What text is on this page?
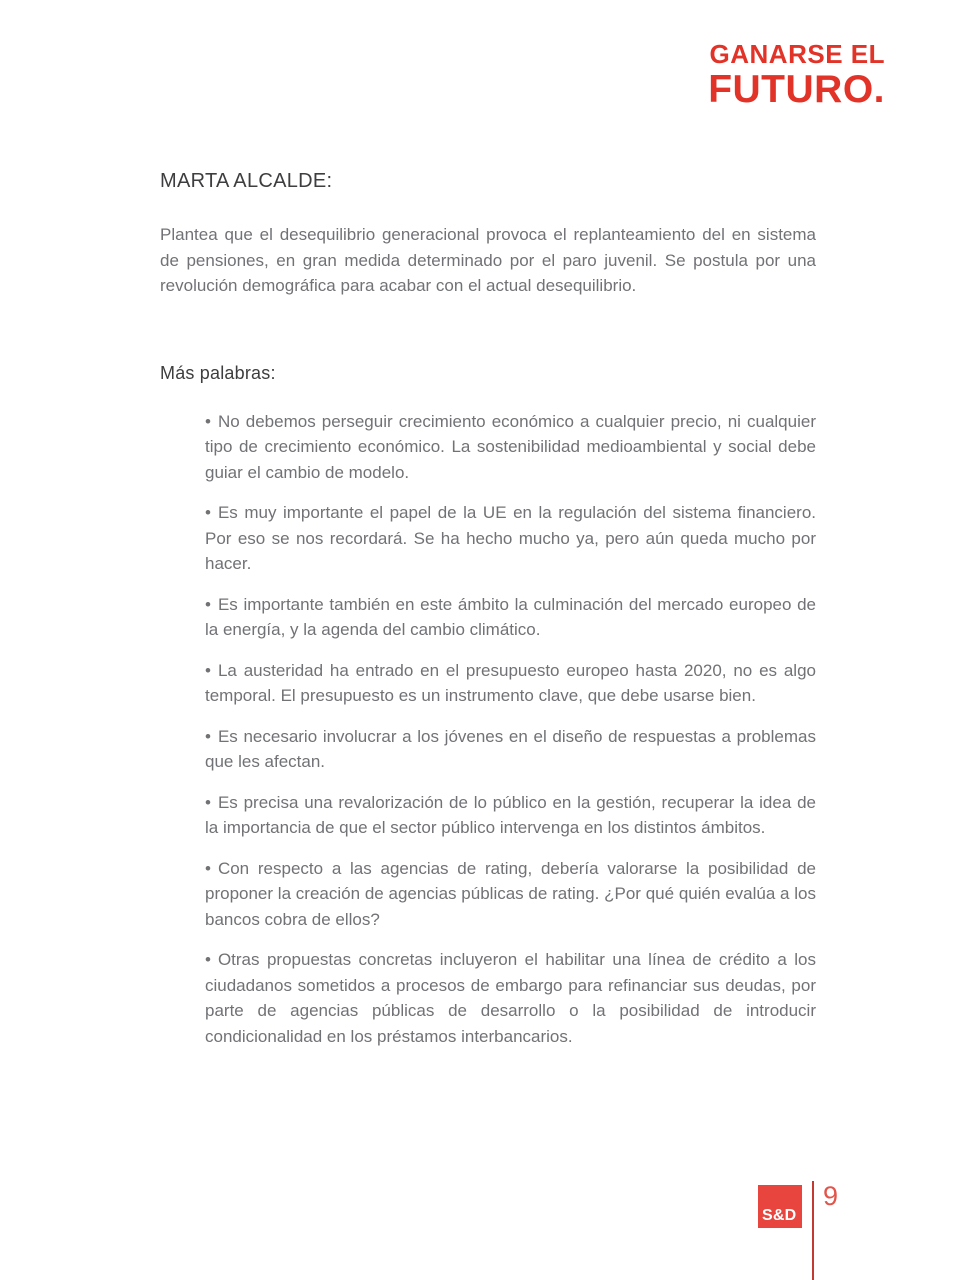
GANARSE EL
FUTURO.
MARTA ALCALDE:

Plantea que el desequilibrio generacional provoca el replanteamiento del en sistema de pensiones, en gran medida determinado por el paro juvenil. Se postula por una revolución demográfica para acabar con el actual desequilibrio.

Más palabras:
• No debemos perseguir crecimiento económico a cualquier precio, ni cualquier tipo de crecimiento económico. La sostenibilidad medioambiental y social debe guiar el cambio de modelo.
• Es muy importante el papel de la UE en la regulación del sistema financiero. Por eso se nos recordará. Se ha hecho mucho ya, pero aún queda mucho por hacer.
• Es importante también en este ámbito la culminación del mercado europeo de la energía, y la agenda del cambio climático.
• La austeridad ha entrado en el presupuesto europeo hasta 2020, no es algo temporal. El presupuesto es un instrumento clave, que debe usarse bien.
• Es necesario involucrar a los jóvenes en el diseño de respuestas a problemas que les afectan.
• Es precisa una revalorización de lo público en la gestión, recuperar la idea de la importancia de que el sector público intervenga en los distintos ámbitos.
• Con respecto a las agencias de rating, debería valorarse la posibilidad de proponer la creación de agencias públicas de rating. ¿Por qué quién evalúa a los bancos cobra de ellos?
• Otras propuestas concretas incluyeron el habilitar una línea de crédito a los ciudadanos sometidos a procesos de embargo para refinanciar sus deudas, por parte de agencias públicas de desarrollo o la posibilidad de introducir condicionalidad en los préstamos interbancarios.
S&D
9
